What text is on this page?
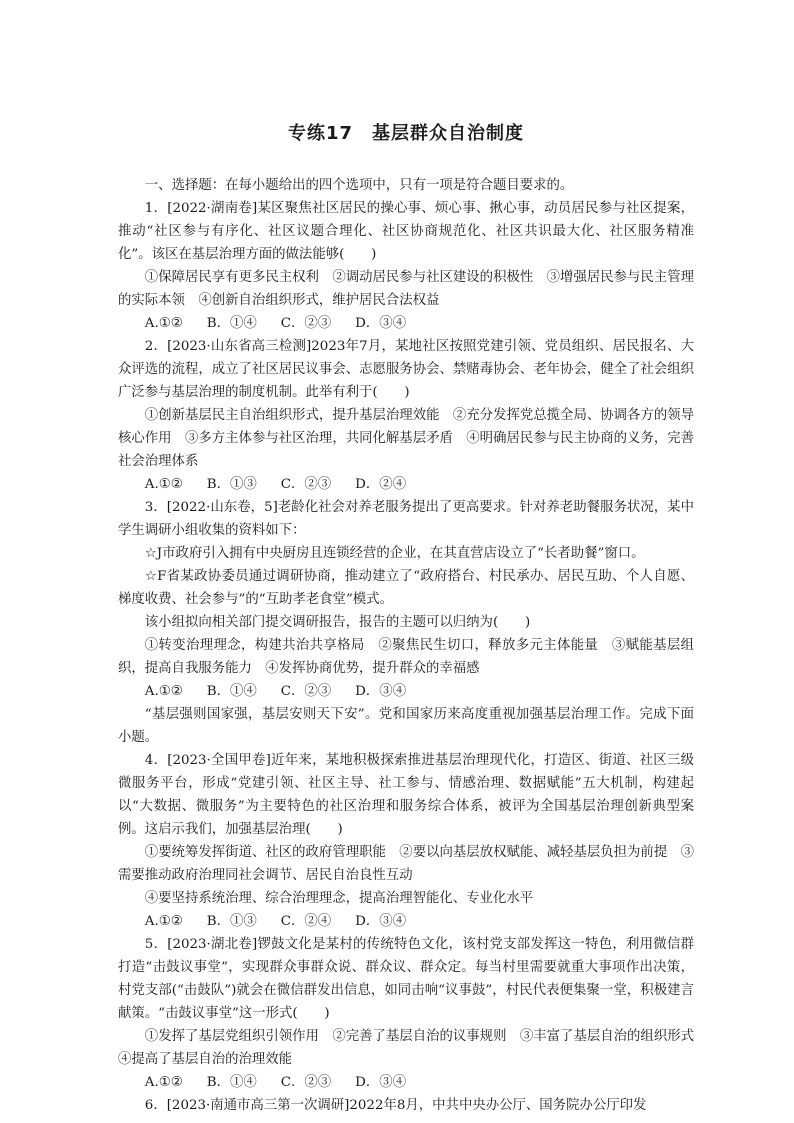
专练17　基层群众自治制度

一、选择题：在每小题给出的四个选项中，只有一项是符合题目要求的。

1．[2022·湖南卷]某区聚焦社区居民的操心事、烦心事、揪心事，动员居民参与社区提案，推动“社区参与有序化、社区议题合理化、社区协商规范化、社区共识最大化、社区服务精准化”。该区在基层治理方面的做法能够(　　)

①保障居民享有更多民主权利　②调动居民参与社区建设的积极性　③增强居民参与民主管理的实际本领　④创新自治组织形式，维护居民合法权益

A.①② B．①④ C．②③ D．③④

2．[2023·山东省高三检测]2023年7月，某地社区按照党建引领、党员组织、居民报名、大众评选的流程，成立了社区居民议事会、志愿服务协会、禁赌毒协会、老年协会，健全了社会组织广泛参与基层治理的制度机制。此举有利于(　　)

①创新基层民主自治组织形式，提升基层治理效能　②充分发挥党总揽全局、协调各方的领导核心作用　③多方主体参与社区治理，共同化解基层矛盾　④明确居民参与民主协商的义务，完善社会治理体系

A.①② B．①③ C．②③ D．②④

3．[2022·山东卷，5]老龄化社会对养老服务提出了更高要求。针对养老助餐服务状况，某中学生调研小组收集的资料如下：

☆J市政府引入拥有中央厨房且连锁经营的企业，在其直营店设立了“长者助餐”窗口。

☆F省某政协委员通过调研协商，推动建立了“政府搭台、村民承办、居民互助、个人自愿、梯度收费、社会参与”的“互助孝老食堂”模式。

该小组拟向相关部门提交调研报告，报告的主题可以归纳为(　　)

①转变治理理念，构建共治共享格局　②聚焦民生切口，释放多元主体能量　③赋能基层组织，提高自我服务能力　④发挥协商优势，提升群众的幸福感

A.①② B．①④ C．②③ D．③④

“基层强则国家强，基层安则天下安”。党和国家历来高度重视加强基层治理工作。完成下面小题。

4．[2023·全国甲卷]近年来，某地积极探索推进基层治理现代化，打造区、街道、社区三级微服务平台，形成“党建引领、社区主导、社工参与、情感治理、数据赋能”五大机制，构建起以“大数据、微服务”为主要特色的社区治理和服务综合体系，被评为全国基层治理创新典型案例。这启示我们，加强基层治理(　　)

①要统筹发挥街道、社区的政府管理职能　②要以向基层放权赋能、减轻基层负担为前提　③需要推动政府治理同社会调节、居民自治良性互动

④要坚持系统治理、综合治理理念，提高治理智能化、专业化水平

A.①② B．①③ C．②④ D．③④

5．[2023·湖北卷]锣鼓文化是某村的传统特色文化，该村党支部发挥这一特色，利用微信群打造“击鼓议事堂”，实现群众事群众说、群众议、群众定。每当村里需要就重大事项作出决策，村党支部(“击鼓队”)就会在微信群发出信息，如同击响“议事鼓”，村民代表便集聚一堂，积极建言献策。“击鼓议事堂”这一形式(　　)

①发挥了基层党组织引领作用　②完善了基层自治的议事规则　③丰富了基层自治的组织形式　④提高了基层自治的治理效能

A.①② B．①④ C．②③ D．③④

6．[2023·南通市高三第一次调研]2022年8月，中共中央办公厅、国务院办公厅印发
